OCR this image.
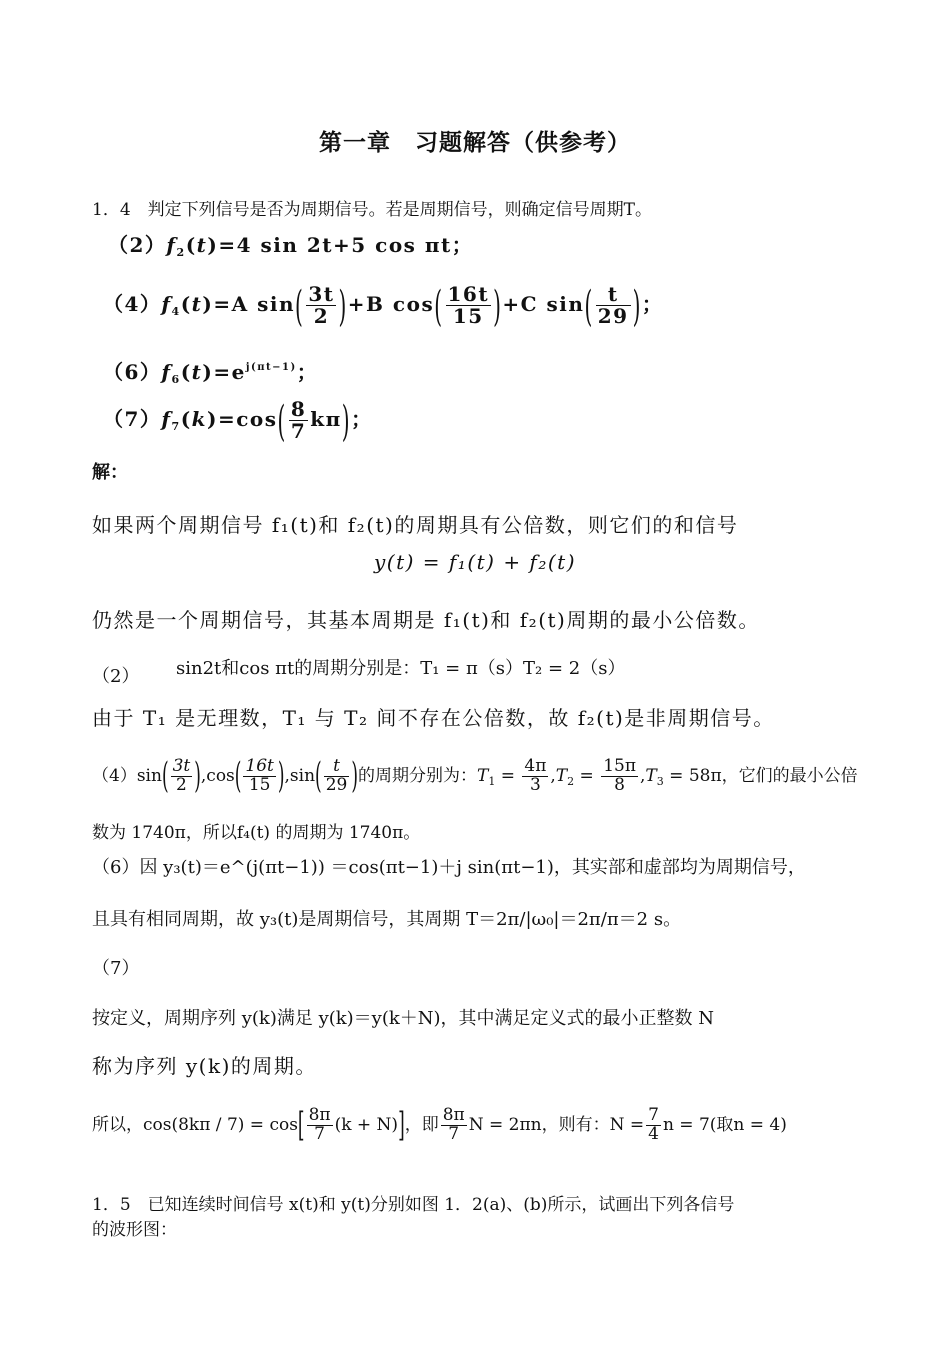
第一章　习题解答（供参考）
1．4　判定下列信号是否为周期信号。若是周期信号，则确定信号周期T。
$(2)f_2(t)=4$ sin 2t+5 cos πt；
$(4)f_4(t)=A$ $\sin( \frac{3t}{2} )+B$ $\cos( \frac{16t}{15} )+C$ $\sin( \frac{t}{29}$ )；
$(6)f_6(t)=e^{j(\pi t-1)}$；
$(7)f_7(k)=\cos( \frac{8}{7} k\pi)$；
解：
如果两个周期信号 f₁(t)和 f₂(t)的周期具有公倍数，则它们的和信号
y(t) = f₁(t) + f₂(t)
仍然是一个周期信号，其基本周期是 f₁(t)和 f₂(t)周期的最小公倍数。
（2） sin2t和cos πt的周期分别是：T₁ = π（s）T₂ = 2（s）
由于 T₁ 是无理数，T₁ 与 T₂ 间不存在公倍数，故 f₂(t)是非周期信号。
$(4)\sin( \frac{3t}{2} ),\cos( \frac{16t}{15} ),\sin( \frac{t}{29}$ )的周期分别为：$T_1 = \frac{4\pi}{3} ,T_2 = \frac{15\pi}{8} ,T_3 = 58\pi$，它们的最小公倍
数为 1740π，所以f₄(t) 的周期为 1740π。
（6）因 y₃(t)＝e^(j(πt−1)) ＝cos(πt−1)＋j sin(πt−1)，其实部和虚部均为周期信号，
且具有相同周期，故 y₃(t)是周期信号，其周期 T＝2π/|ω₀|＝2π/π＝2 s。
（7）
按定义，周期序列 y(k)满足 y(k)＝y(k＋N)，其中满足定义式的最小正整数 N
称为序列 y(k)的周期。
所以，$\cos(8k\pi / 7) = \cos[ \frac{8\pi}{7} (k + N)]$，即 $\frac{8\pi}{7}$ N = 2πn，则有：$N = \frac{7}{4}$ n = 7(取n = 4)
1．5　已知连续时间信号 x(t)和 y(t)分别如图 1．2(a)、(b)所示，试画出下列各信号
的波形图：
